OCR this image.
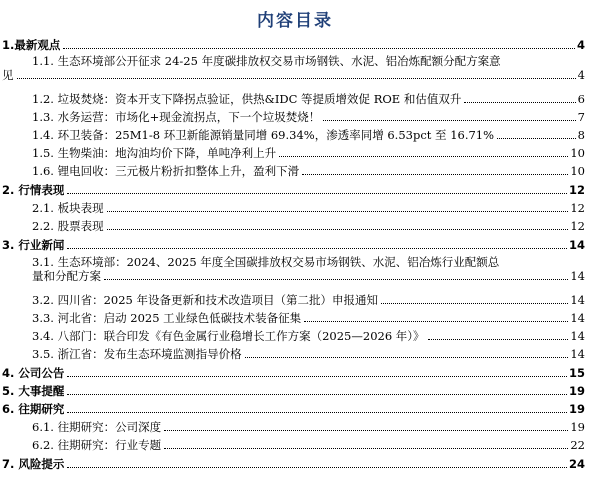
内容目录
1.最新观点	4
1.1. 生态环境部公开征求 24-25 年度碳排放权交易市场钢铁、水泥、铝冶炼配额分配方案意
见	4
1.2. 垃圾焚烧：资本开支下降拐点验证，供热&IDC 等提质增效促 ROE 和估值双升	6
1.3. 水务运营：市场化+现金流拐点，下一个垃圾焚烧！	7
1.4. 环卫装备：25M1-8 环卫新能源销量同增 69.34%，渗透率同增 6.53pct 至 16.71%	8
1.5. 生物柴油：地沟油均价下降，单吨净利上升	10
1.6. 锂电回收：三元极片粉折扣整体上升，盈利下滑	10
2. 行情表现	12
2.1. 板块表现	12
2.2. 股票表现	12
3. 行业新闻	14
3.1. 生态环境部：2024、2025 年度全国碳排放权交易市场钢铁、水泥、铝冶炼行业配额总
量和分配方案	14
3.2. 四川省：2025 年设备更新和技术改造项目（第二批）申报通知	14
3.3. 河北省：启动 2025 工业绿色低碳技术装备征集	14
3.4. 八部门：联合印发《有色金属行业稳增长工作方案（2025—2026 年）》	14
3.5. 浙江省：发布生态环境监测指导价格	14
4. 公司公告	15
5. 大事提醒	19
6. 往期研究	19
6.1. 往期研究：公司深度	19
6.2. 往期研究：行业专题	22
7. 风险提示	24
